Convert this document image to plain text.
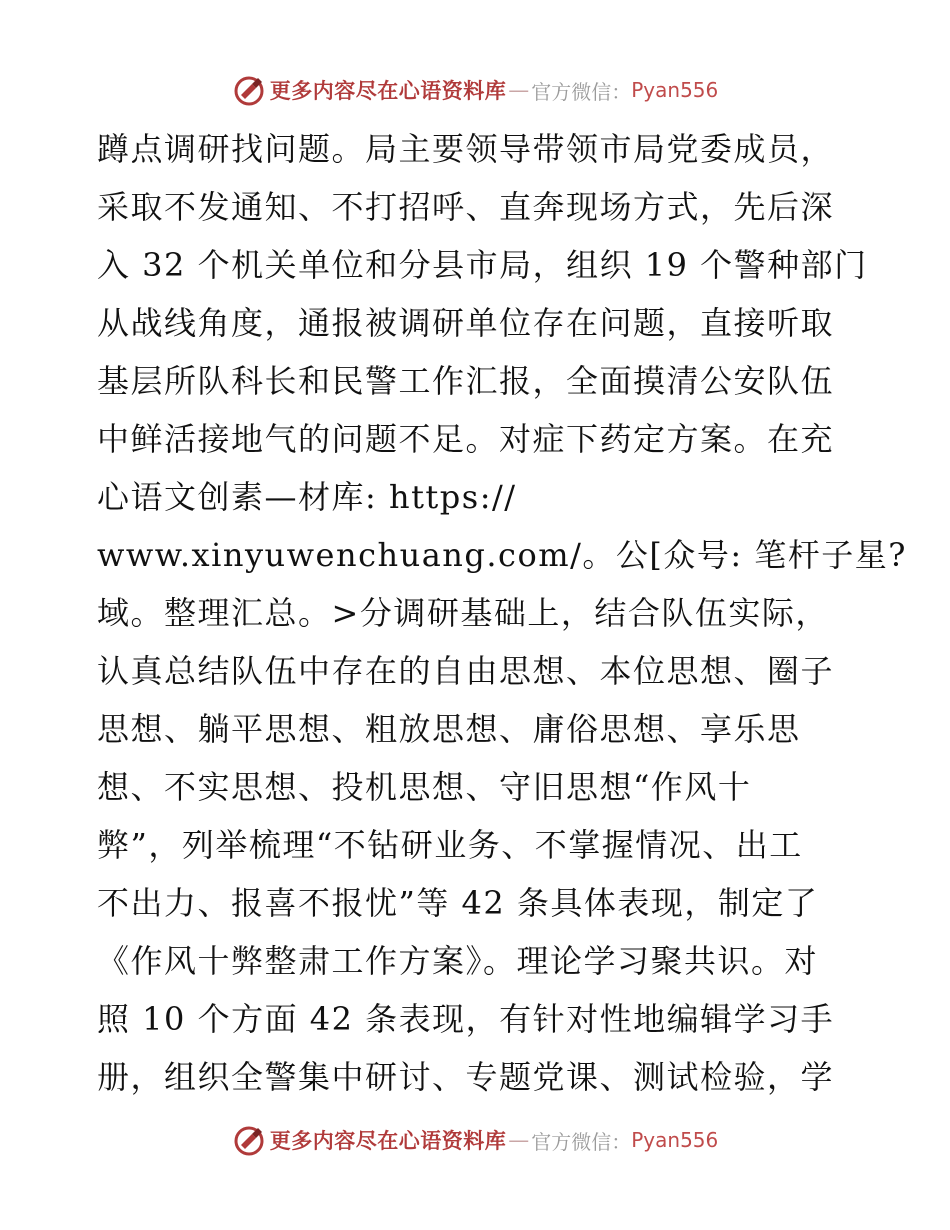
更多内容尽在心语资料库 — 官方微信： Pyan556
蹲点调研找问题。局主要领导带领市局党委成员，
采取不发通知、不打招呼、直奔现场方式，先后深
入 32 个机关单位和分县市局，组织 19 个警种部门
从战线角度，通报被调研单位存在问题，直接听取
基层所队科长和民警工作汇报，全面摸清公安队伍
中鲜活接地气的问题不足。对症下药定方案。在充
心语文创素—材库: https://
www.xinyuwenchuang.com/。公[众号: 笔杆子星?
域。整理汇总。>分调研基础上，结合队伍实际，
认真总结队伍中存在的自由思想、本位思想、圈子
思想、躺平思想、粗放思想、庸俗思想、享乐思
想、不实思想、投机思想、守旧思想“作风十
弊”，列举梳理“不钻研业务、不掌握情况、出工
不出力、报喜不报忧”等 42 条具体表现，制定了
《作风十弊整肃工作方案》。理论学习聚共识。对
照 10 个方面 42 条表现，有针对性地编辑学习手
册，组织全警集中研讨、专题党课、测试检验，学
更多内容尽在心语资料库 — 官方微信： Pyan556
